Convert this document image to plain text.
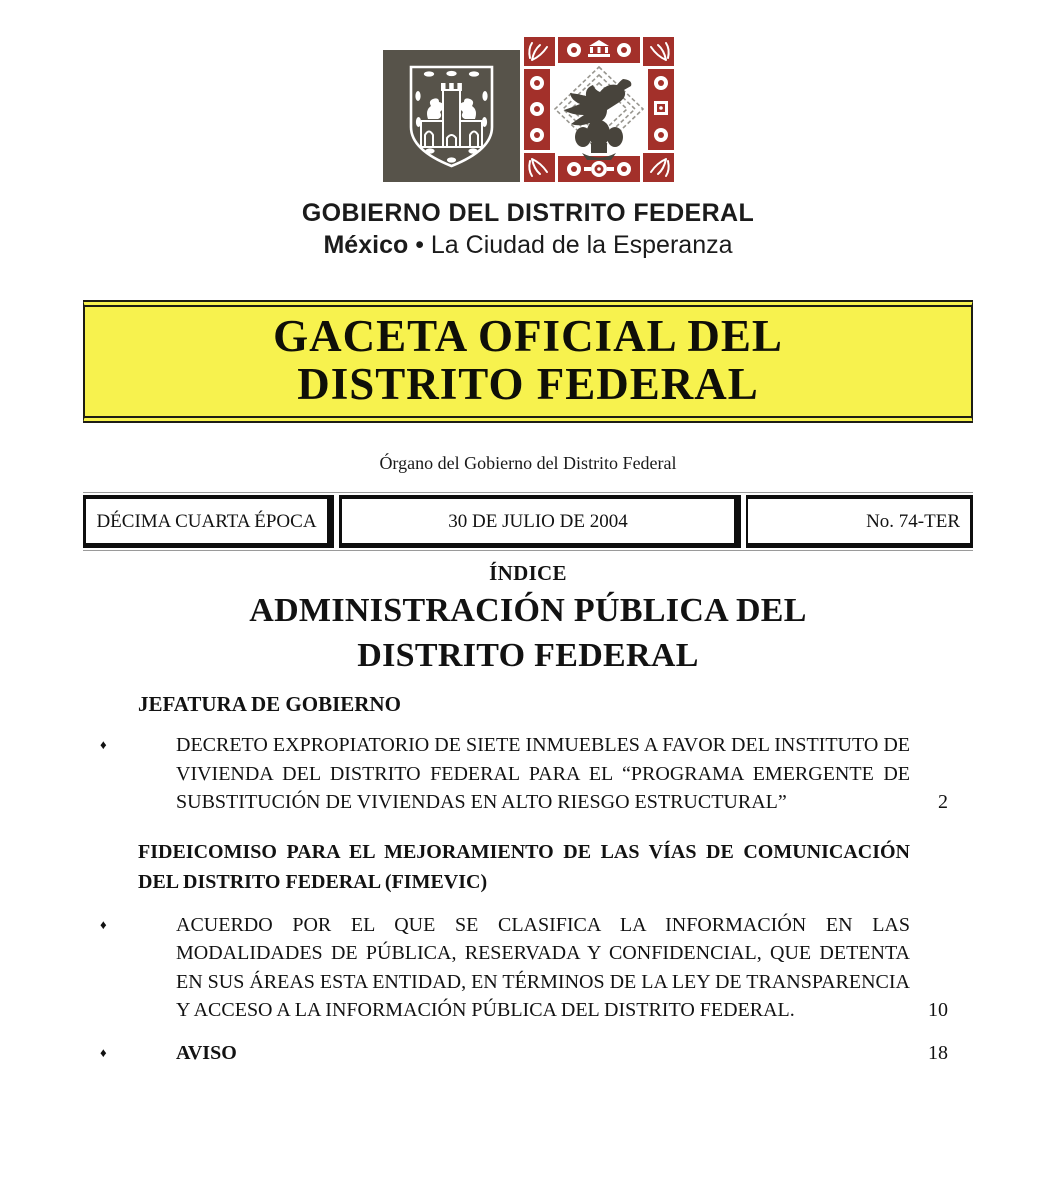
GOBIERNO DEL DISTRITO FEDERAL
México • La Ciudad de la Esperanza
GACETA OFICIAL DEL
DISTRITO FEDERAL
Órgano del Gobierno del Distrito Federal
DÉCIMA CUARTA ÉPOCA	30 DE JULIO DE 2004	No. 74-TER
ÍNDICE
ADMINISTRACIÓN PÚBLICA DEL
DISTRITO FEDERAL
JEFATURA DE GOBIERNO
♦	DECRETO EXPROPIATORIO DE SIETE INMUEBLES A FAVOR DEL INSTITUTO DE VIVIENDA DEL DISTRITO FEDERAL PARA EL “PROGRAMA EMERGENTE DE SUBSTITUCIÓN DE VIVIENDAS EN ALTO RIESGO ESTRUCTURAL”	2
FIDEICOMISO PARA EL MEJORAMIENTO DE LAS VÍAS DE COMUNICACIÓN DEL DISTRITO FEDERAL (FIMEVIC)
♦	ACUERDO POR EL QUE SE CLASIFICA LA INFORMACIÓN EN LAS MODALIDADES DE PÚBLICA, RESERVADA Y CONFIDENCIAL, QUE DETENTA EN SUS ÁREAS ESTA ENTIDAD, EN TÉRMINOS DE LA LEY DE TRANSPARENCIA Y ACCESO A LA INFORMACIÓN PÚBLICA DEL DISTRITO FEDERAL.	10
♦	AVISO	18
